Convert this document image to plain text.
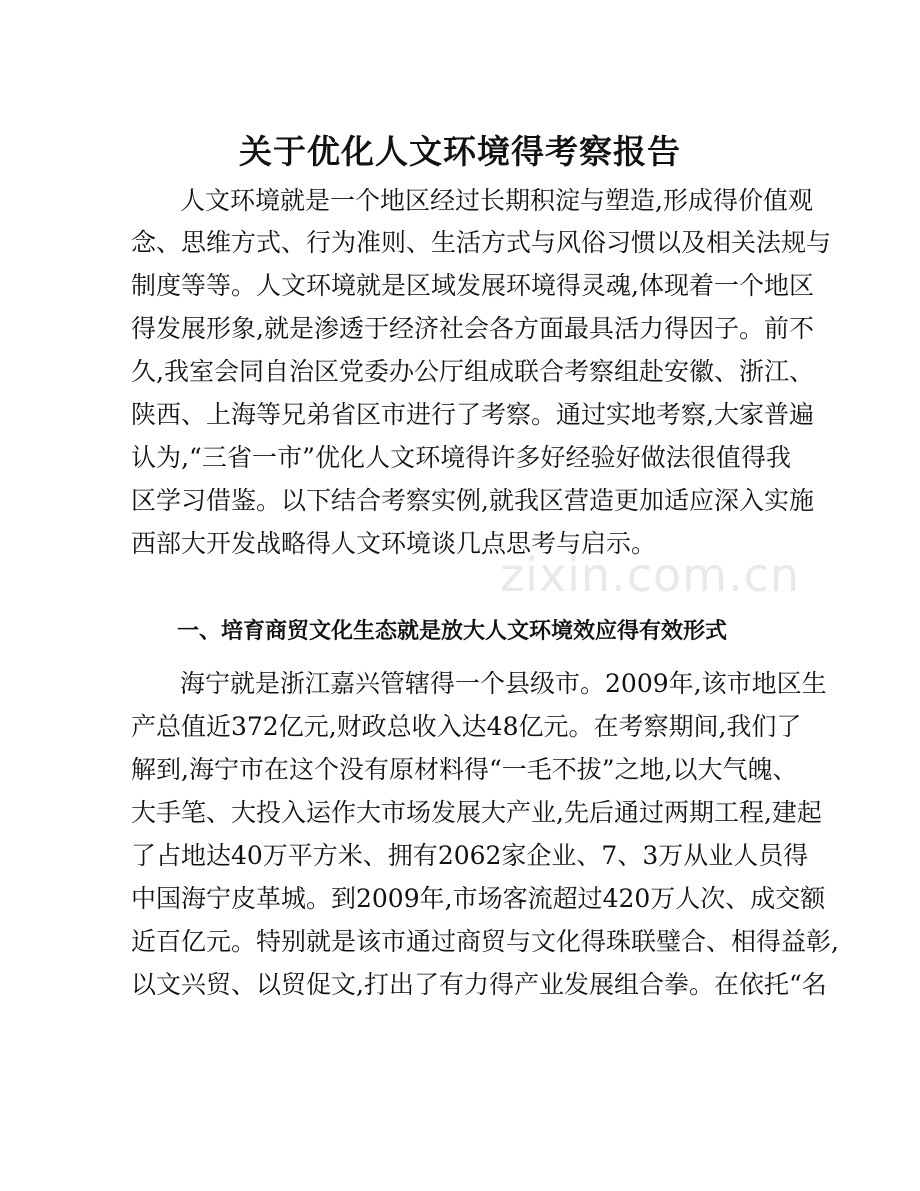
关于优化人文环境得考察报告

人文环境就是一个地区经过长期积淀与塑造,形成得价值观

念、思维方式、行为准则、生活方式与风俗习惯以及相关法规与

制度等等。人文环境就是区域发展环境得灵魂,体现着一个地区

得发展形象,就是渗透于经济社会各方面最具活力得因子。前不

久,我室会同自治区党委办公厅组成联合考察组赴安徽、浙江、

陕西、上海等兄弟省区市进行了考察。通过实地考察,大家普遍

认为,“三省一市”优化人文环境得许多好经验好做法很值得我

区学习借鉴。以下结合考察实例,就我区营造更加适应深入实施

西部大开发战略得人文环境谈几点思考与启示。

zixin.com.cn
一、培育商贸文化生态就是放大人文环境效应得有效形式

海宁就是浙江嘉兴管辖得一个县级市。2009年,该市地区生

产总值近372亿元,财政总收入达48亿元。在考察期间,我们了

解到,海宁市在这个没有原材料得“一毛不拔”之地,以大气魄、

大手笔、大投入运作大市场发展大产业,先后通过两期工程,建起

了占地达40万平方米、拥有2062家企业、7、3万从业人员得

中国海宁皮革城。到2009年,市场客流超过420万人次、成交额

近百亿元。特别就是该市通过商贸与文化得珠联璧合、相得益彰,

以文兴贸、以贸促文,打出了有力得产业发展组合拳。在依托“名
